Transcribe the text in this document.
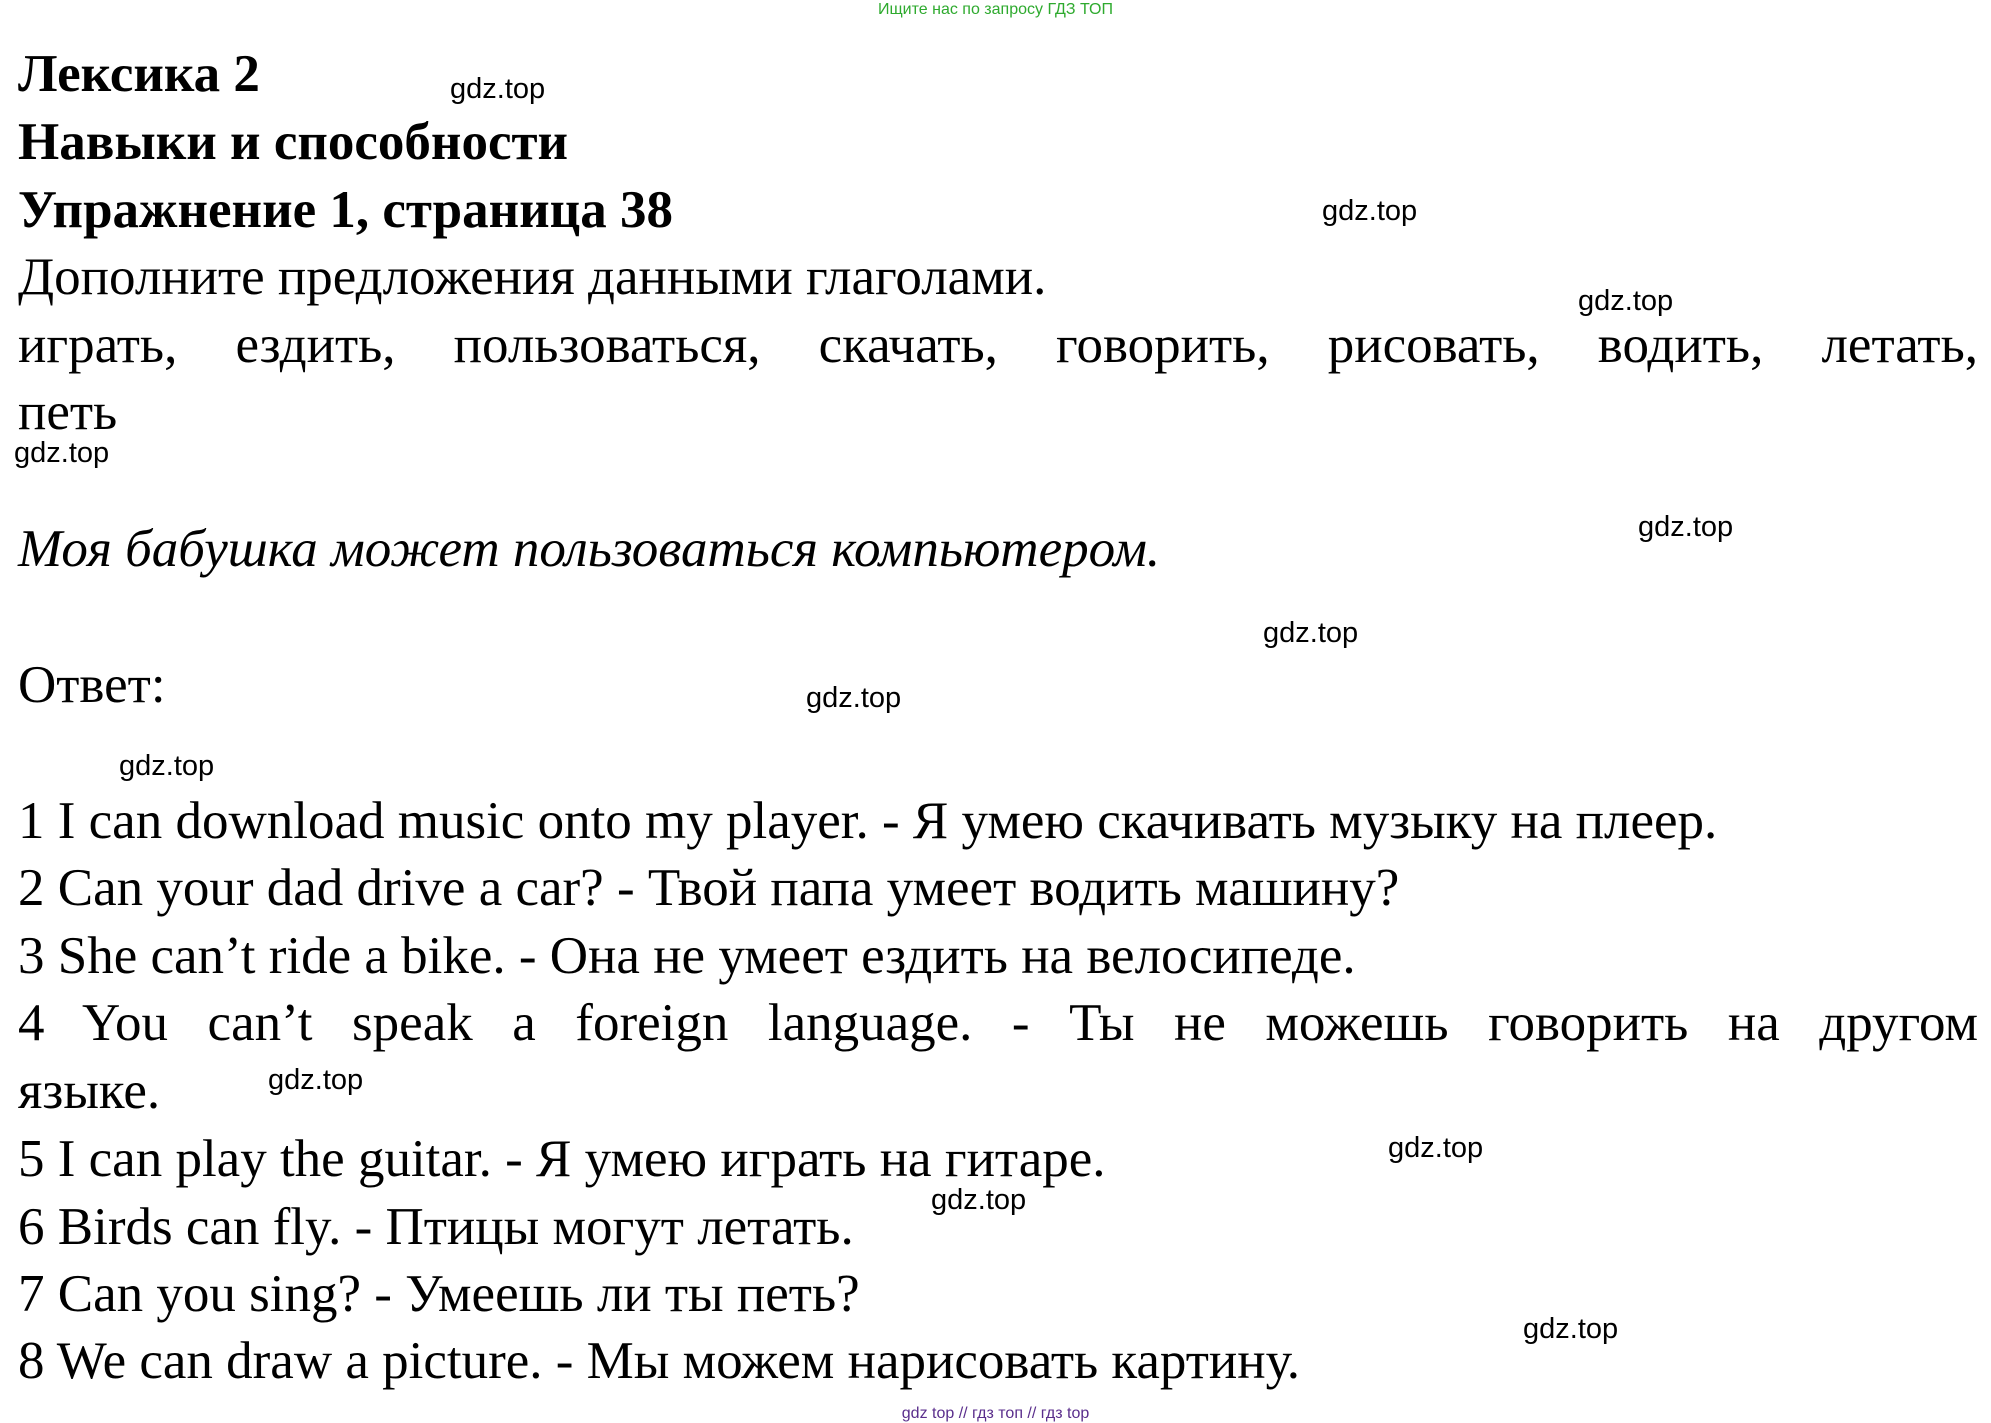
Ищите нас по запросу ГДЗ ТОП
Лексика 2
Навыки и способности
Упражнение 1, страница 38
Дополните предложения данными глаголами.
играть, ездить, пользоваться, скачать, говорить, рисовать, водить, летать,
петь
Моя бабушка может пользоваться компьютером.
Ответ:
1 I can download music onto my player. - Я умею скачивать музыку на плеер.
2 Can your dad drive a car? - Твой папа умеет водить машину?
3 She can’t ride a bike. - Она не умеет ездить на велосипеде.
4 You can’t speak a foreign language. - Ты не можешь говорить на другом
языке.
5 I can play the guitar. - Я умею играть на гитаре.
6 Birds can fly. - Птицы могут летать.
7 Can you sing? - Умеешь ли ты петь?
8 We can draw a picture. - Мы можем нарисовать картину.
gdz.top
gdz.top
gdz.top
gdz.top
gdz.top
gdz.top
gdz.top
gdz.top
gdz.top
gdz.top
gdz.top
gdz.top
gdz top // гдз топ // гдз top
